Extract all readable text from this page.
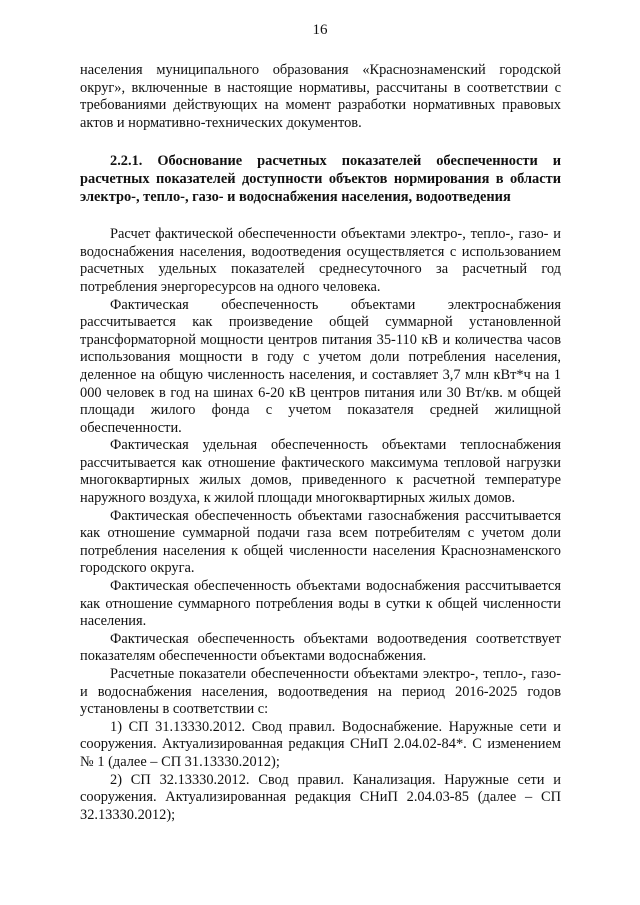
16

населения муниципального образования «Краснознаменский городской округ», включенные в настоящие нормативы, рассчитаны в соответствии с требованиями действующих на момент разработки нормативных правовых актов и нормативно-технических документов.

2.2.1. Обоснование расчетных показателей обеспеченности и расчетных показателей доступности объектов нормирования в области электро-, тепло-, газо- и водоснабжения населения, водоотведения

Расчет фактической обеспеченности объектами электро-, тепло-, газо- и водоснабжения населения, водоотведения осуществляется с использованием расчетных удельных показателей среднесуточного за расчетный год потребления энергоресурсов на одного человека.

Фактическая обеспеченность объектами электроснабжения рассчитывается как произведение общей суммарной установленной трансформаторной мощности центров питания 35-110 кВ и количества часов использования мощности в году с учетом доли потребления населения, деленное на общую численность населения, и составляет 3,7 млн кВт*ч на 1 000 человек в год на шинах 6-20 кВ центров питания или 30 Вт/кв. м общей площади жилого фонда с учетом показателя средней жилищной обеспеченности.

Фактическая удельная обеспеченность объектами теплоснабжения рассчитывается как отношение фактического максимума тепловой нагрузки многоквартирных жилых домов, приведенного к расчетной температуре наружного воздуха, к жилой площади многоквартирных жилых домов.

Фактическая обеспеченность объектами газоснабжения рассчитывается как отношение суммарной подачи газа всем потребителям с учетом доли потребления населения к общей численности населения Краснознаменского городского округа.

Фактическая обеспеченность объектами водоснабжения рассчитывается как отношение суммарного потребления воды в сутки к общей численности населения.

Фактическая обеспеченность объектами водоотведения соответствует показателям обеспеченности объектами водоснабжения.

Расчетные показатели обеспеченности объектами электро-, тепло-, газо- и водоснабжения населения, водоотведения на период 2016-2025 годов установлены в соответствии с:

1) СП 31.13330.2012. Свод правил. Водоснабжение. Наружные сети и сооружения. Актуализированная редакция СНиП 2.04.02-84*. С изменением № 1 (далее – СП 31.13330.2012);

2) СП 32.13330.2012. Свод правил. Канализация. Наружные сети и сооружения. Актуализированная редакция СНиП 2.04.03-85 (далее – СП 32.13330.2012);
